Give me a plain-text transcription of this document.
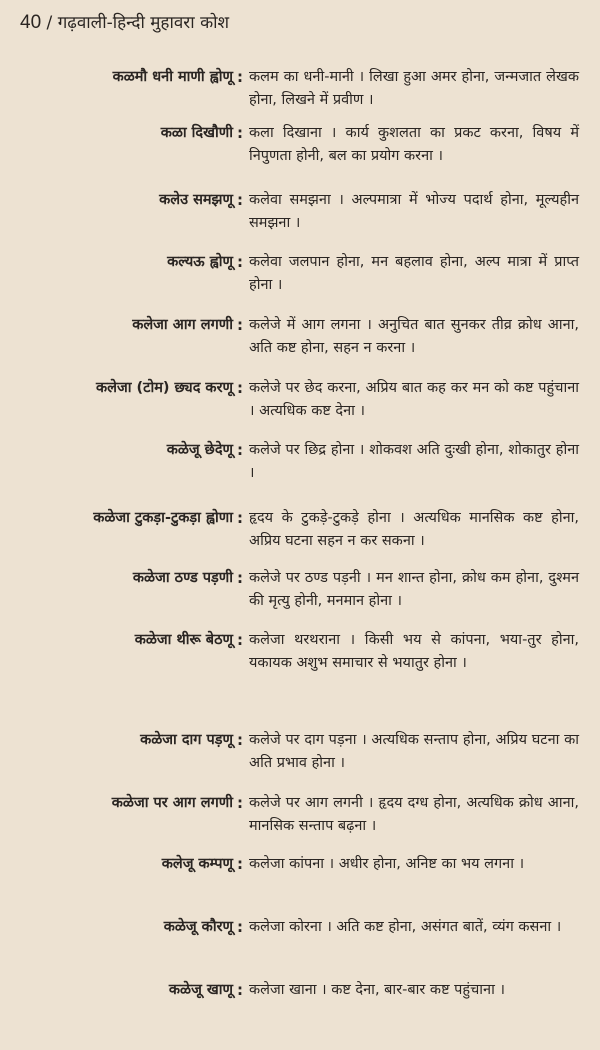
40 / गढ़वाली-हिन्दी मुहावरा कोश
कळमौ धनी माणी ह्वोणू : कलम का धनी-मानी । लिखा हुआ अमर होना, जन्मजात लेखक होना, लिखने में प्रवीण ।
कळा दिखौणी : कला दिखाना । कार्य कुशलता का प्रकट करना, विषय में निपुणता होनी, बल का प्रयोग करना ।
कलेउ समझणू : कलेवा समझना । अल्पमात्रा में भोज्य पदार्थ होना, मूल्यहीन समझना ।
कल्यऊ ह्वोणू : कलेवा जलपान होना, मन बहलाव होना, अल्प मात्रा में प्राप्त होना ।
कलेजा आग लगणी : कलेजे में आग लगना । अनुचित बात सुनकर तीव्र क्रोध आना, अति कष्ट होना, सहन न करना ।
कलेजा (टोम) छ्यद करणू : कलेजे पर छेद करना, अप्रिय बात कह कर मन को कष्ट पहुंचाना । अत्यधिक कष्ट देना ।
कळेजू छेदेणू : कलेजे पर छिद्र होना । शोकवश अति दुःखी होना, शोकातुर होना ।
कळेजा टुकड़ा-टुकड़ा ह्वोणा : हृदय के टुकड़े-टुकड़े होना । अत्यधिक मानसिक कष्ट होना, अप्रिय घटना सहन न कर सकना ।
कळेजा ठण्ड पड़णी : कलेजे पर ठण्ड पड़नी । मन शान्त होना, क्रोध कम होना, दुश्मन की मृत्यु होनी, मनमान होना ।
कळेजा थीरू बेठणू : कलेजा थरथराना । किसी भय से कांपना, भया-तुर होना, यकायक अशुभ समाचार से भयातुर होना ।
कळेजा दाग पड़णू : कलेजे पर दाग पड़ना । अत्यधिक सन्ताप होना, अप्रिय घटना का अति प्रभाव होना ।
कळेजा पर आग लगणी : कलेजे पर आग लगनी । हृदय दग्ध होना, अत्यधिक क्रोध आना, मानसिक सन्ताप बढ़ना ।
कलेजू कम्पणू : कलेजा कांपना । अधीर होना, अनिष्ट का भय लगना ।
कळेजू कौरणू : कलेजा कोरना । अति कष्ट होना, असंगत बातें, व्यंग कसना ।
कळेजू खाणू : कलेजा खाना । कष्ट देना, बार-बार कष्ट पहुंचाना ।
